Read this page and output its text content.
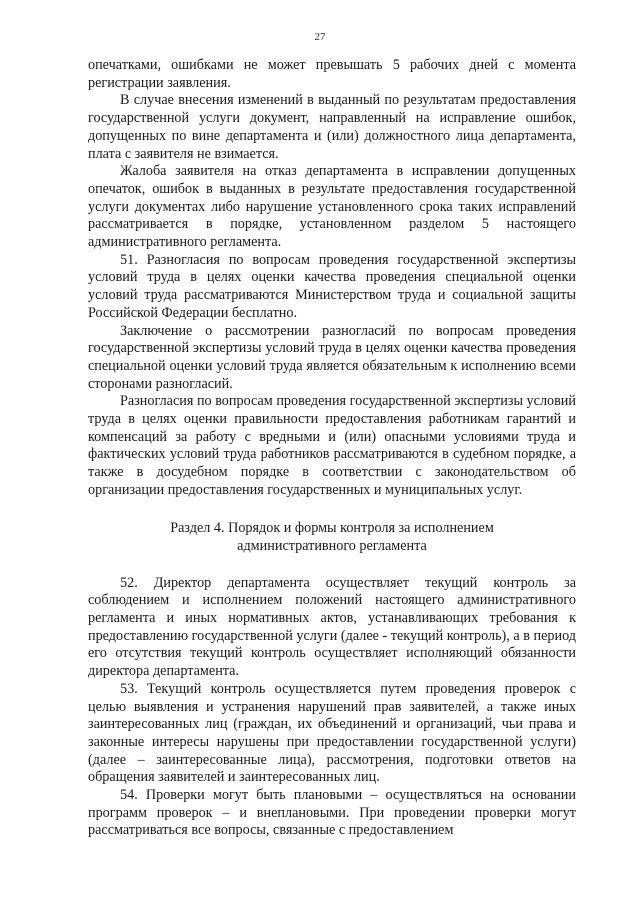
27

опечатками, ошибками не может превышать 5 рабочих дней с момента регистрации заявления.

В случае внесения изменений в выданный по результатам предоставления государственной услуги документ, направленный на исправление ошибок, допущенных по вине департамента и (или) должностного лица департамента, плата с заявителя не взимается.

Жалоба заявителя на отказ департамента в исправлении допущенных опечаток, ошибок в выданных в результате предоставления государственной услуги документах либо нарушение установленного срока таких исправлений рассматривается в порядке, установленном разделом 5 настоящего административного регламента.

51. Разногласия по вопросам проведения государственной экспертизы условий труда в целях оценки качества проведения специальной оценки условий труда рассматриваются Министерством труда и социальной защиты Российской Федерации бесплатно.

Заключение о рассмотрении разногласий по вопросам проведения государственной экспертизы условий труда в целях оценки качества проведения специальной оценки условий труда является обязательным к исполнению всеми сторонами разногласий.

Разногласия по вопросам проведения государственной экспертизы условий труда в целях оценки правильности предоставления работникам гарантий и компенсаций за работу с вредными и (или) опасными условиями труда и фактических условий труда работников рассматриваются в судебном порядке, а также в досудебном порядке в соответствии с законодательством об организации предоставления государственных и муниципальных услуг.

Раздел 4. Порядок и формы контроля за исполнением
административного регламента

52. Директор департамента осуществляет текущий контроль за соблюдением и исполнением положений настоящего административного регламента и иных нормативных актов, устанавливающих требования к предоставлению государственной услуги (далее - текущий контроль), а в период его отсутствия текущий контроль осуществляет исполняющий обязанности директора департамента.

53. Текущий контроль осуществляется путем проведения проверок с целью выявления и устранения нарушений прав заявителей, а также иных заинтересованных лиц (граждан, их объединений и организаций, чьи права и законные интересы нарушены при предоставлении государственной услуги) (далее – заинтересованные лица), рассмотрения, подготовки ответов на обращения заявителей и заинтересованных лиц.

54. Проверки могут быть плановыми – осуществляться на основании программ проверок – и внеплановыми. При проведении проверки могут рассматриваться все вопросы, связанные с предоставлением
